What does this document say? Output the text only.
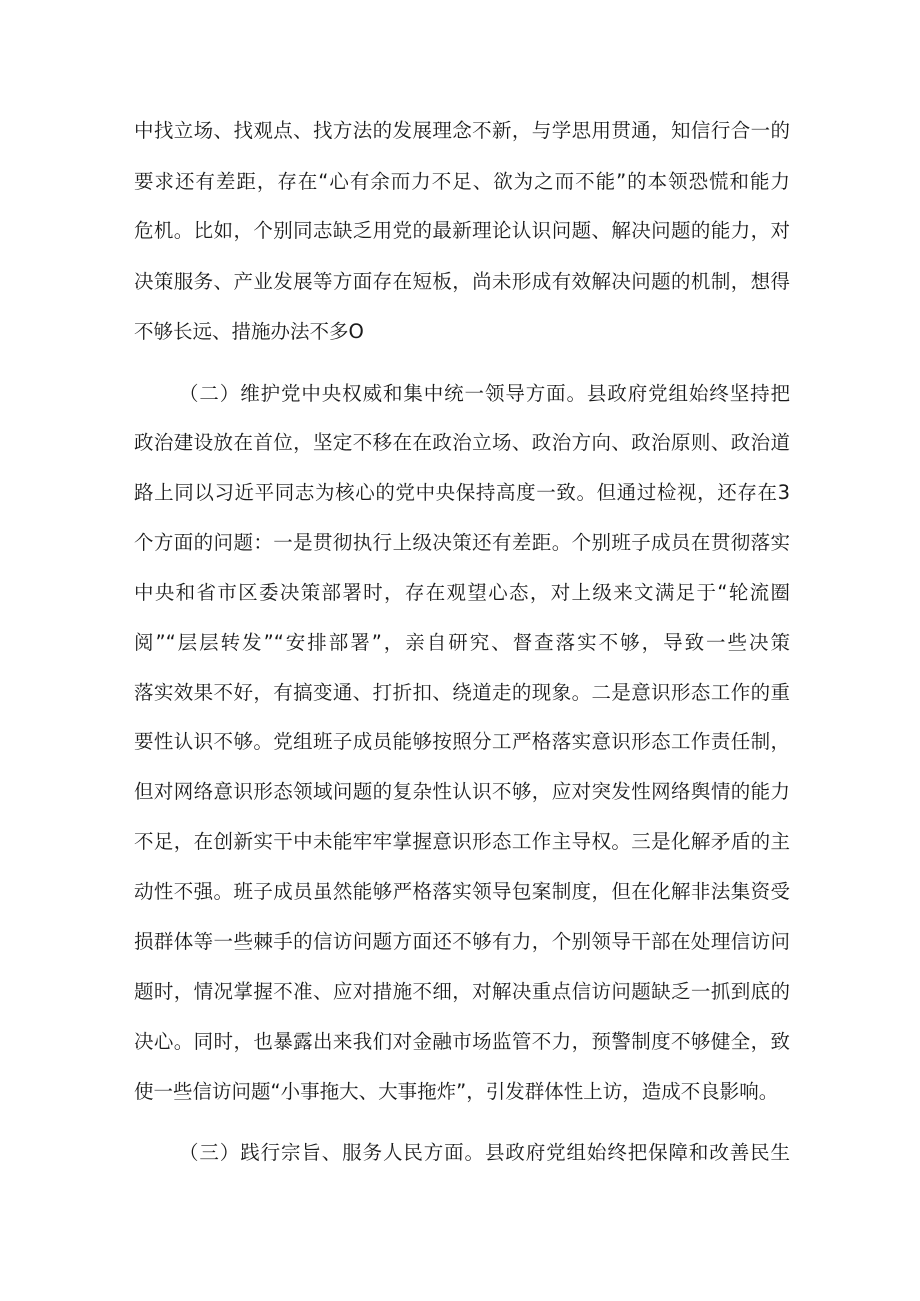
中找立场、找观点、找方法的发展理念不新，与学思用贯通，知信行合一的
要求还有差距，存在“心有余而力不足、欲为之而不能”的本领恐慌和能力
危机。比如，个别同志缺乏用党的最新理论认识问题、解决问题的能力，对
决策服务、产业发展等方面存在短板，尚未形成有效解决问题的机制，想得
不够长远、措施办法不多O
（二）维护党中央权威和集中统一领导方面。县政府党组始终坚持把
政治建设放在首位，坚定不移在在政治立场、政治方向、政治原则、政治道
路上同以习近平同志为核心的党中央保持高度一致。但通过检视，还存在3
个方面的问题：一是贯彻执行上级决策还有差距。个别班子成员在贯彻落实
中央和省市区委决策部署时，存在观望心态，对上级来文满足于“轮流圈
阅”“层层转发”“安排部署”，亲自研究、督查落实不够，导致一些决策
落实效果不好，有搞变通、打折扣、绕道走的现象。二是意识形态工作的重
要性认识不够。党组班子成员能够按照分工严格落实意识形态工作责任制，
但对网络意识形态领域问题的复杂性认识不够，应对突发性网络舆情的能力
不足，在创新实干中未能牢牢掌握意识形态工作主导权。三是化解矛盾的主
动性不强。班子成员虽然能够严格落实领导包案制度，但在化解非法集资受
损群体等一些棘手的信访问题方面还不够有力，个别领导干部在处理信访问
题时，情况掌握不准、应对措施不细，对解决重点信访问题缺乏一抓到底的
决心。同时，也暴露出来我们对金融市场监管不力，预警制度不够健全，致
使一些信访问题“小事拖大、大事拖炸”，引发群体性上访，造成不良影响。
（三）践行宗旨、服务人民方面。县政府党组始终把保障和改善民生
